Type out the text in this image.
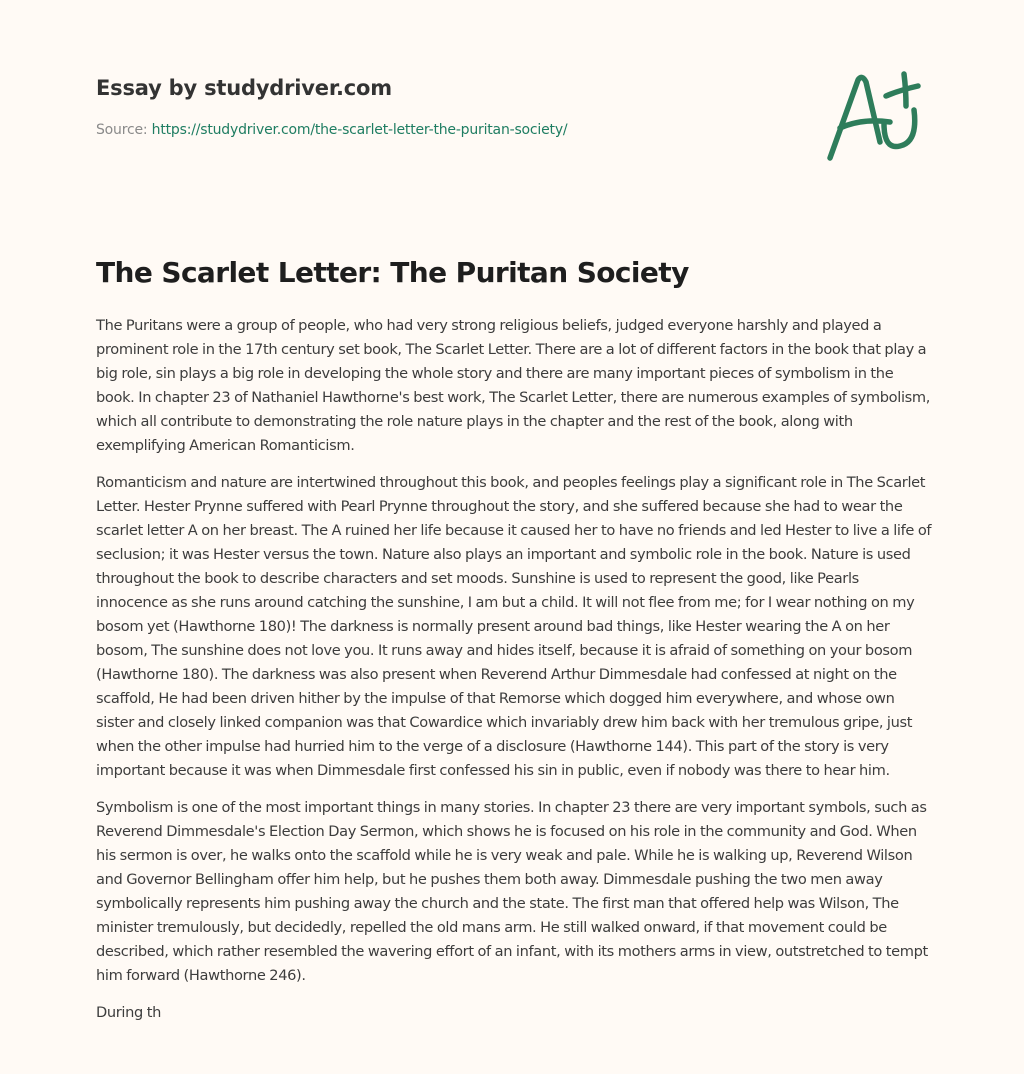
Essay by studydriver.com
Source: https://studydriver.com/the-scarlet-letter-the-puritan-society/
The Scarlet Letter: The Puritan Society

The Puritans were a group of people, who had very strong religious beliefs, judged everyone harshly and played a prominent role in the 17th century set book, The Scarlet Letter. There are a lot of different factors in the book that play a big role, sin plays a big role in developing the whole story and there are many important pieces of symbolism in the book. In chapter 23 of Nathaniel Hawthorne's best work, The Scarlet Letter, there are numerous examples of symbolism, which all contribute to demonstrating the role nature plays in the chapter and the rest of the book, along with exemplifying American Romanticism.

Romanticism and nature are intertwined throughout this book, and peoples feelings play a significant role in The Scarlet Letter. Hester Prynne suffered with Pearl Prynne throughout the story, and she suffered because she had to wear the scarlet letter A on her breast. The A ruined her life because it caused her to have no friends and led Hester to live a life of seclusion; it was Hester versus the town. Nature also plays an important and symbolic role in the book. Nature is used throughout the book to describe characters and set moods. Sunshine is used to represent the good, like Pearls innocence as she runs around catching the sunshine, I am but a child. It will not flee from me; for I wear nothing on my bosom yet (Hawthorne 180)! The darkness is normally present around bad things, like Hester wearing the A on her bosom, The sunshine does not love you. It runs away and hides itself, because it is afraid of something on your bosom (Hawthorne 180). The darkness was also present when Reverend Arthur Dimmesdale had confessed at night on the scaffold, He had been driven hither by the impulse of that Remorse which dogged him everywhere, and whose own sister and closely linked companion was that Cowardice which invariably drew him back with her tremulous gripe, just when the other impulse had hurried him to the verge of a disclosure (Hawthorne 144). This part of the story is very important because it was when Dimmesdale first confessed his sin in public, even if nobody was there to hear him.

Symbolism is one of the most important things in many stories. In chapter 23 there are very important symbols, such as Reverend Dimmesdale's Election Day Sermon, which shows he is focused on his role in the community and God. When his sermon is over, he walks onto the scaffold while he is very weak and pale. While he is walking up, Reverend Wilson and Governor Bellingham offer him help, but he pushes them both away. Dimmesdale pushing the two men away symbolically represents him pushing away the church and the state. The first man that offered help was Wilson, The minister tremulously, but decidedly, repelled the old mans arm. He still walked onward, if that movement could be described, which rather resembled the wavering effort of an infant, with its mothers arms in view, outstretched to tempt him forward (Hawthorne 246).

During th
